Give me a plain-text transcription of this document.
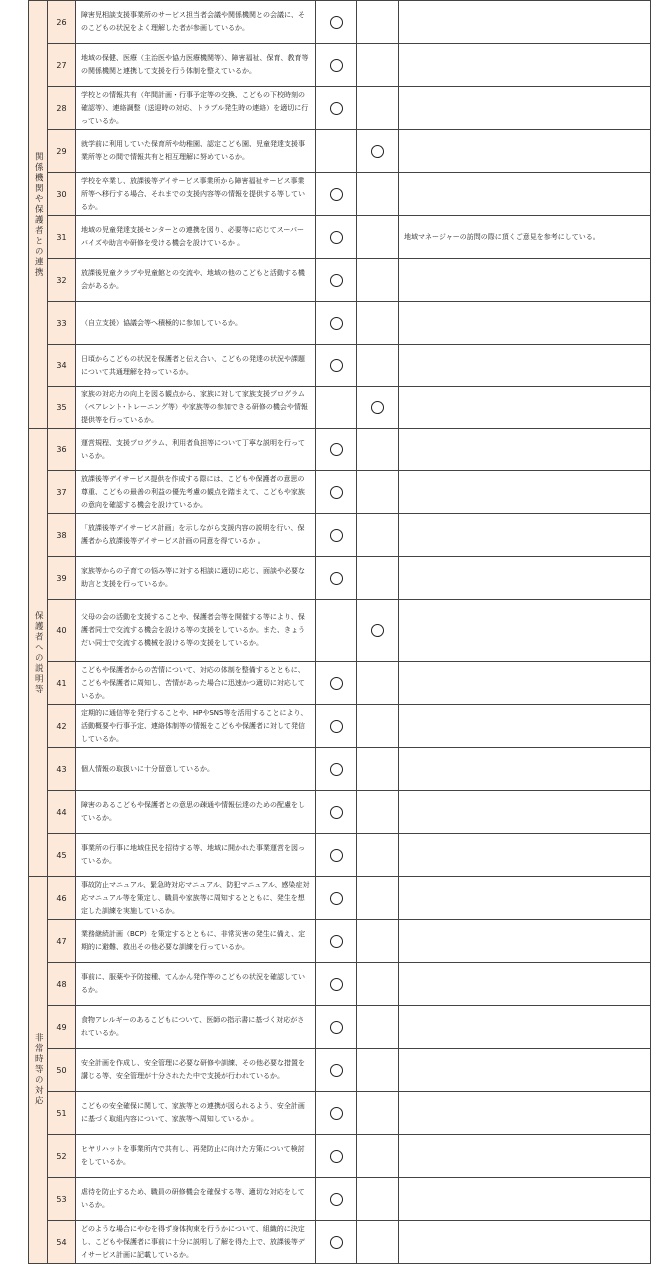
関係機関や保護者との連携
保護者への説明等
非常時等の対応
26
障害児相談支援事業所のサービス担当者会議や関係機関との会議に、そのこどもの状況をよく理解した者が参画しているか。
27
地域の保健、医療（主治医や協力医療機関等）、障害福祉、保育、教育等の関係機関と連携して支援を行う体制を整えているか。
28
学校との情報共有（年間計画・行事予定等の交換、こどもの下校時刻の確認等）、連絡調整（送迎時の対応、トラブル発生時の連絡）を適切に行っているか。
29
就学前に利用していた保育所や幼稚園、認定こども園、児童発達支援事業所等との間で情報共有と相互理解に努めているか。
30
学校を卒業し、放課後等デイサービス事業所から障害福祉サービス事業所等へ移行する場合、それまでの支援内容等の情報を提供する等しているか。
31
地域の児童発達支援センターとの連携を図り、必要等に応じてスーパーバイズや助言や研修を受ける機会を設けているか 。
地域マネージャーの訪問の際に頂くご意見を参考にしている。
32
放課後児童クラブや児童館との交流や、地域の他のこどもと活動する機会があるか。
33	（自立支援）協議会等へ積極的に参加しているか。
34
日頃からこどもの状況を保護者と伝え合い、こどもの発達の状況や課題について共通理解を持っているか。
35
家族の対応力の向上を図る観点から、家族に対して家族支援プログラム（ペアレント･トレーニング等）や家族等の参加できる研修の機会や情報提供等を行っているか。
36
運営規程、支援プログラム、利用者負担等について丁寧な説明を行っているか。
37
放課後等デイサービス提供を作成する際には、こどもや保護者の意思の尊重、こどもの最善の利益の優先考慮の観点を踏まえて、こどもや家族の意向を確認する機会を設けているか。
38
「放課後等デイサービス計画」を示しながら支援内容の説明を行い、保護者から放課後等デイサービス計画の同意を得ているか 。
39
家族等からの子育ての悩み等に対する相談に適切に応じ、面談や必要な助言と支援を行っているか。
40
父母の会の活動を支援することや、保護者会等を開催する等により、保護者同士で交流する機会を設ける等の支援をしているか。また、きょうだい同士で交流する機械を設ける等の支援をしているか。
41
こどもや保護者からの苦情について、対応の体制を整備するとともに、こどもや保護者に周知し、苦情があった場合に迅速かつ適切に対応しているか。
42
定期的に通信等を発行することや、HPやSNS等を活用することにより、活動概要や行事予定、連絡体制等の情報をこどもや保護者に対して発信しているか。
43	個人情報の取扱いに十分留意しているか。
44
障害のあるこどもや保護者との意思の疎通や情報伝達のための配慮をしているか。
45
事業所の行事に地域住民を招待する等、地域に開かれた事業運営を図っているか。
46
事故防止マニュアル、緊急時対応マニュアル、防犯マニュアル、感染症対応マニュアル等を策定し、職員や家族等に周知するとともに、発生を想定した訓練を実施しているか。
47
業務継続計画（BCP）を策定するとともに、非常災害の発生に備え、定期的に避難、救出その他必要な訓練を行っているか。
48
事前に、服薬や予防接種、てんかん発作等のこどもの状況を確認しているか。
49
食物アレルギーのあるこどもについて、医師の指示書に基づく対応がされているか。
50
安全計画を作成し、安全管理に必要な研修や訓練、その他必要な措置を講じる等、安全管理が十分されたた中で支援が行われているか。
51
こどもの安全確保に関して、家族等との連携が図られるよう、安全計画に基づく取組内容について、家族等へ周知しているか 。
52
ヒヤリハットを事業所内で共有し、再発防止に向けた方策について検討をしているか。
53
虐待を防止するため、職員の研修機会を確保する等、適切な対応をしているか。
54
どのような場合にやむを得ず身体拘束を行うかについて、組織的に決定し、こどもや保護者に事前に十分に説明し了解を得た上で、放課後等デイサービス計画に記載しているか。
